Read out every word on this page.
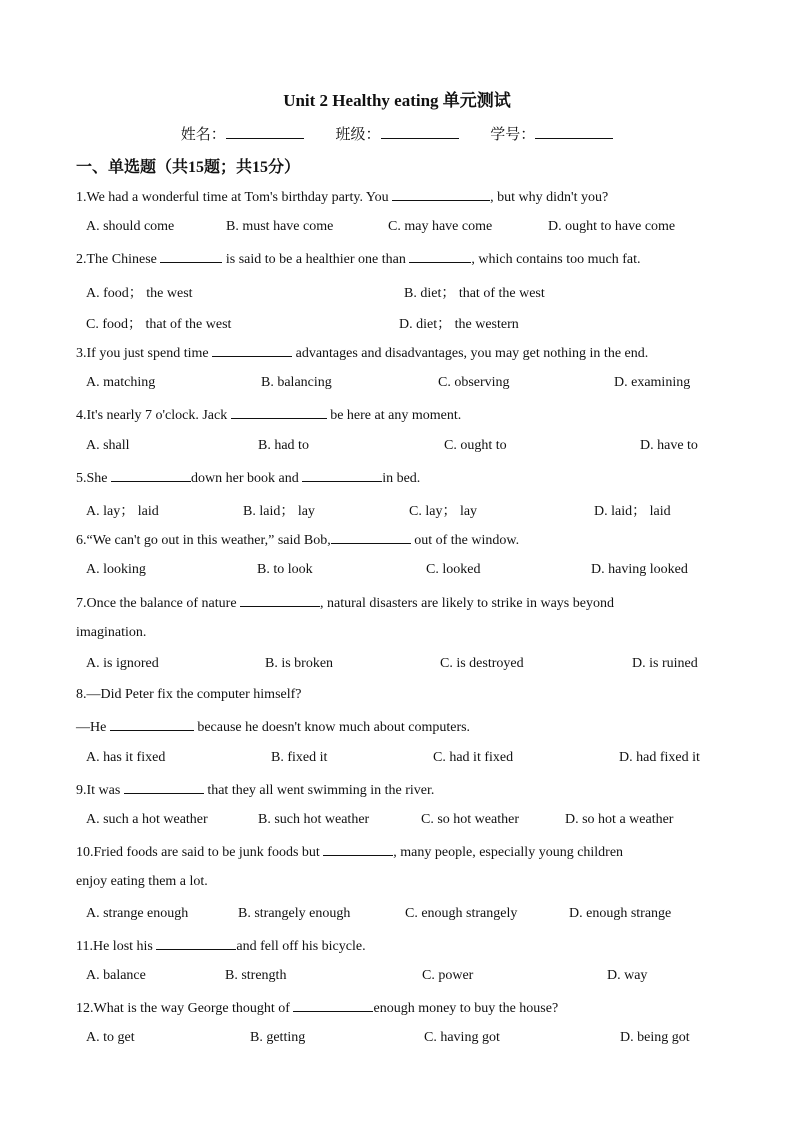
Unit 2 Healthy eating 单元测试
姓名：	班级：	学号：
一、单选题（共15题；共15分）
1.We had a wonderful time at Tom's birthday party. You	, but why didn't you?
A. should come	B. must have come	C. may have come	D. ought to have come
2.The Chinese	is said to be a healthier one than	, which contains too much fat.
A. food； the west	B. diet； that of the west
C. food； that of the west	D. diet； the western
3.If you just spend time	advantages and disadvantages, you may get nothing in the end.
A. matching	B. balancing	C. observing	D. examining
4.It's nearly 7 o'clock. Jack	be here at any moment.
A. shall	B. had to	C. ought to	D. have to
5.She	down her book and	in bed.
A. lay； laid	B. laid； lay	C. lay； lay	D. laid； laid
6.“We can't go out in this weather,” said Bob,	out of the window.
A. looking	B. to look	C. looked	D. having looked
7.Once the balance of nature	, natural disasters are likely to strike in ways beyond
imagination.
A. is ignored	B. is broken	C. is destroyed	D. is ruined
8.—Did Peter fix the computer himself?
—He	because he doesn't know much about computers.
A. has it fixed	B. fixed it	C. had it fixed	D. had fixed it
9.It was	that they all went swimming in the river.
A. such a hot weather	B. such hot weather	C. so hot weather	D. so hot a weather
10.Fried foods are said to be junk foods but	, many people, especially young children
enjoy eating them a lot.
A. strange enough	B. strangely enough	C. enough strangely	D. enough strange
11.He lost his	and fell off his bicycle.
A. balance	B. strength	C. power	D. way
12.What is the way George thought of	enough money to buy the house?
A. to get	B. getting	C. having got	D. being got
